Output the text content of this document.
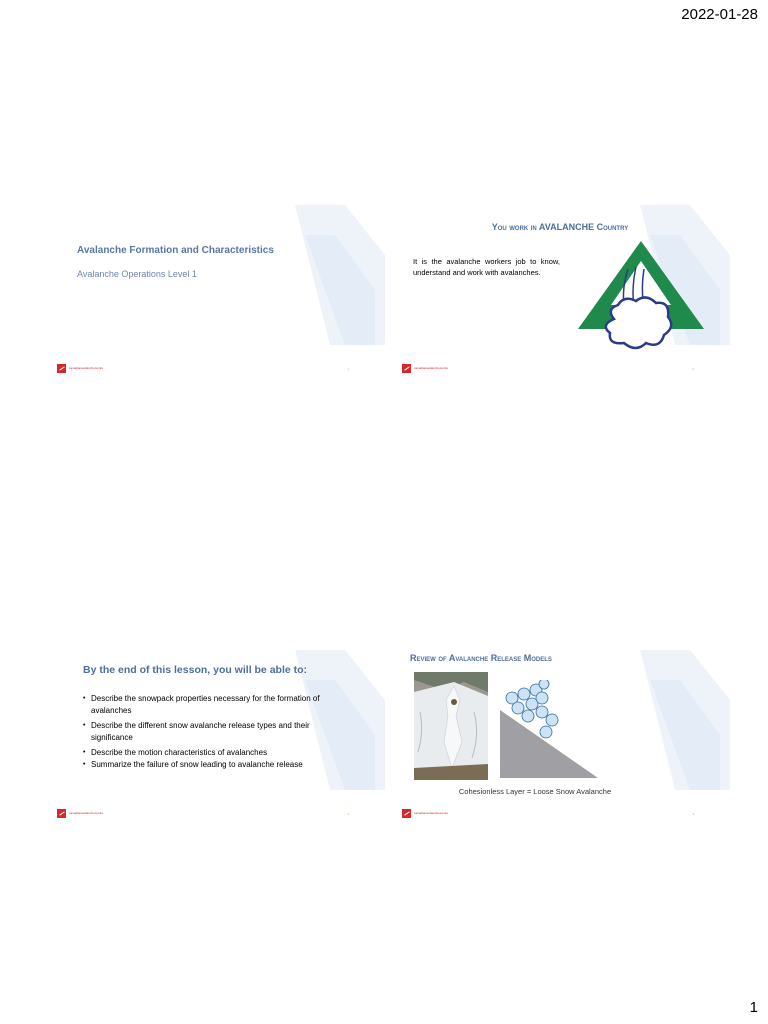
2022-01-28
Avalanche Formation and Characteristics
Avalanche Operations Level 1
canadianavalanchecentre	1
You work in AVALANCHE Country
It is the avalanche workers job to know, understand and work with avalanches.
canadianavalanchecentre	2
By the end of this lesson, you will be able to:
• Describe the snowpack properties necessary for the formation of avalanches
• Describe the different snow avalanche release types and their significance
• Describe the motion characteristics of avalanches
• Summarize the failure of snow leading to avalanche release
canadianavalanchecentre	3
Review of Avalanche Release Models
Cohesionless Layer = Loose Snow Avalanche
canadianavalanchecentre	4
1
